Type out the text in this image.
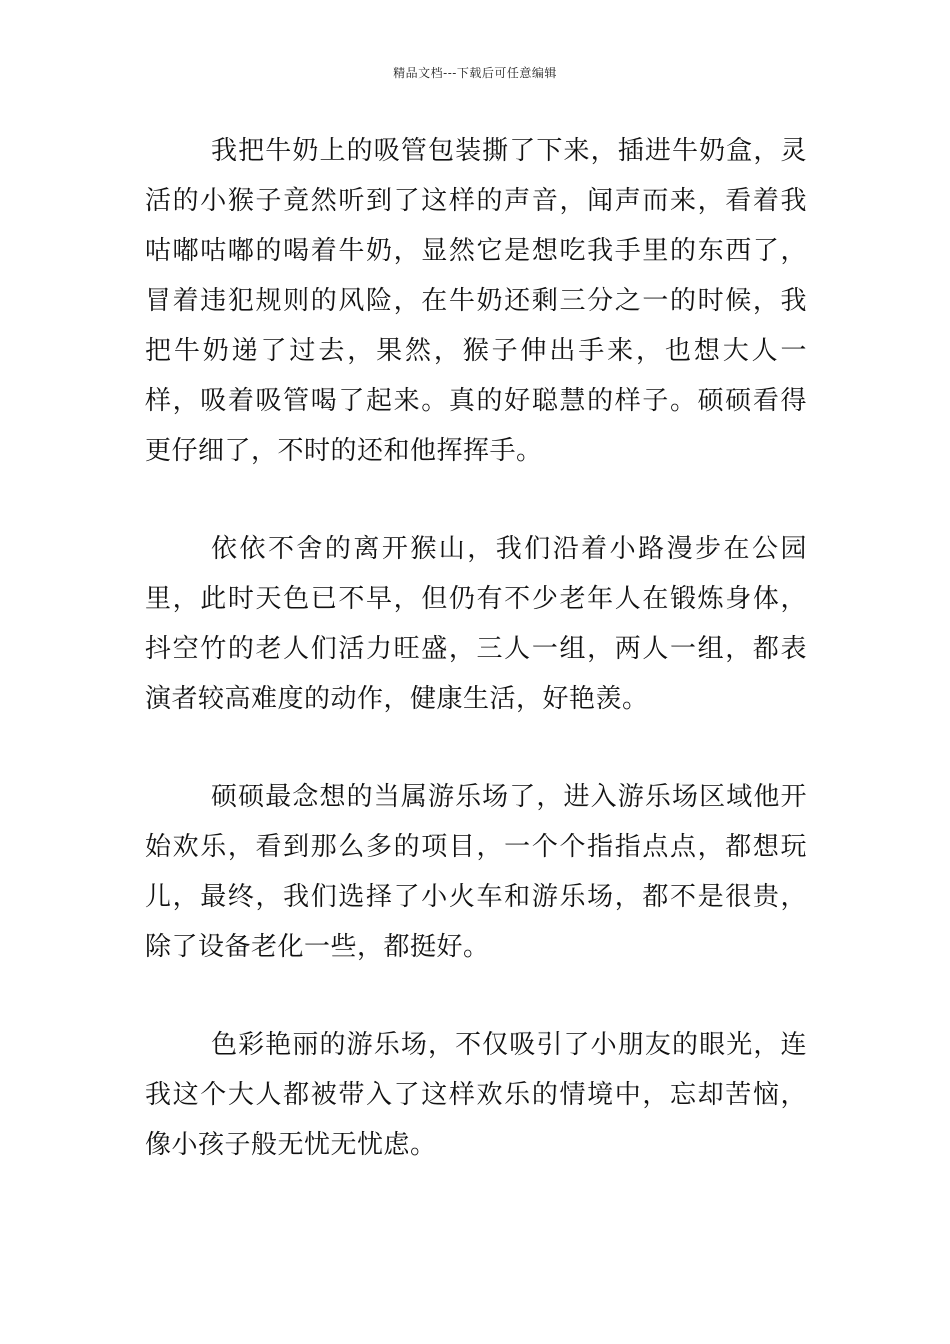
精品文档---下载后可任意编辑

我把牛奶上的吸管包装撕了下来，插进牛奶盒，灵活的小猴子竟然听到了这样的声音，闻声而来，看着我咕嘟咕嘟的喝着牛奶，显然它是想吃我手里的东西了，冒着违犯规则的风险，在牛奶还剩三分之一的时候，我把牛奶递了过去，果然，猴子伸出手来，也想大人一样，吸着吸管喝了起来。真的好聪慧的样子。硕硕看得更仔细了，不时的还和他挥挥手。

依依不舍的离开猴山，我们沿着小路漫步在公园里，此时天色已不早，但仍有不少老年人在锻炼身体，抖空竹的老人们活力旺盛，三人一组，两人一组，都表演者较高难度的动作，健康生活，好艳羡。

硕硕最念想的当属游乐场了，进入游乐场区域他开始欢乐，看到那么多的项目，一个个指指点点，都想玩儿，最终，我们选择了小火车和游乐场，都不是很贵，除了设备老化一些，都挺好。

色彩艳丽的游乐场，不仅吸引了小朋友的眼光，连我这个大人都被带入了这样欢乐的情境中，忘却苦恼，像小孩子般无忧无忧虑。
